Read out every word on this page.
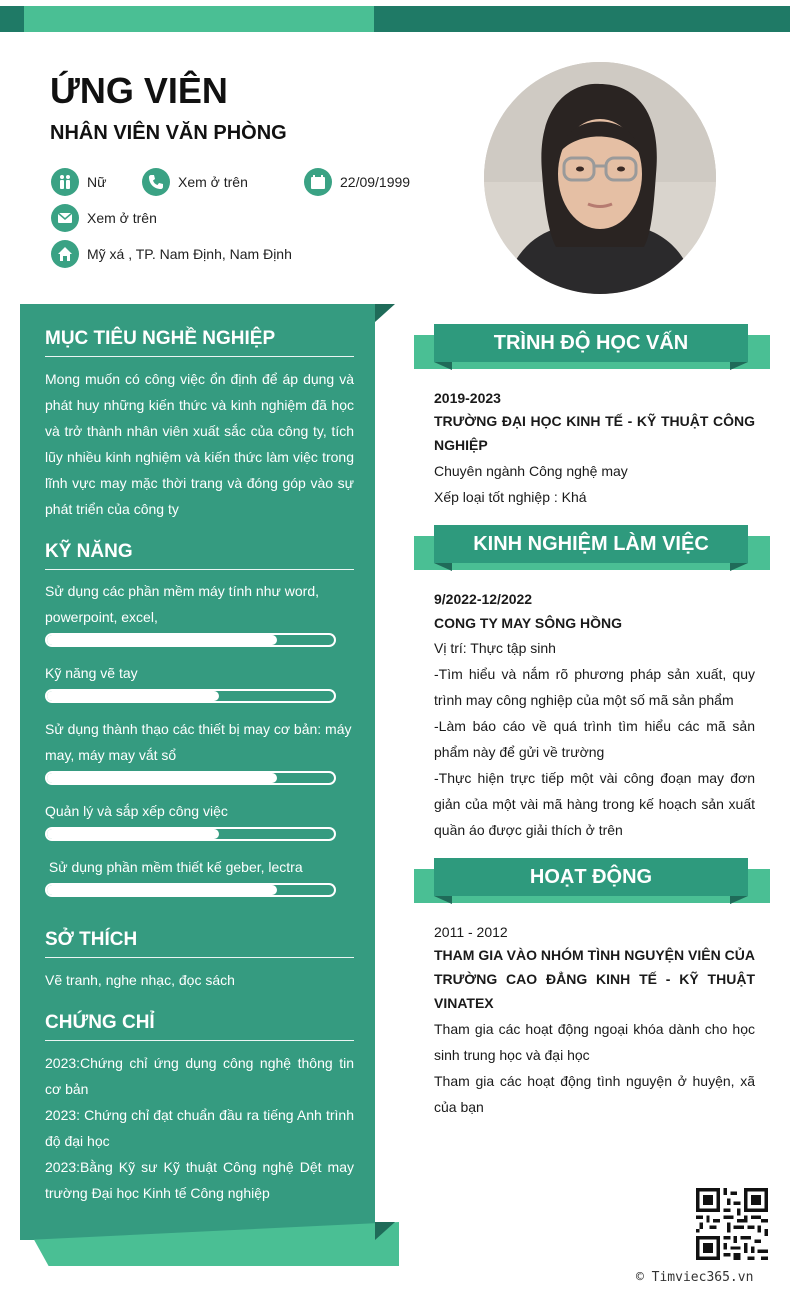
ỨNG VIÊN
NHÂN VIÊN VĂN PHÒNG
Nữ	Xem ở trên	22/09/1999
Xem ở trên
Mỹ xá , TP. Nam Định, Nam Định
MỤC TIÊU NGHỀ NGHIỆP
Mong muốn có công việc ổn định để áp dụng và phát huy những kiến thức và kinh nghiệm đã học và trở thành nhân viên xuất sắc của công ty, tích lũy nhiều kinh nghiệm và kiến thức làm việc trong lĩnh vực may mặc thời trang và đóng góp vào sự phát triển của công ty
KỸ NĂNG
Sử dụng các phần mềm máy tính như word, powerpoint, excel,
Kỹ năng vẽ tay
Sử dụng thành thạo các thiết bị may cơ bản: máy may, máy may vắt sổ
Quản lý và sắp xếp công việc
Sử dụng phần mềm thiết kế geber, lectra
SỞ THÍCH
Vẽ tranh, nghe nhạc, đọc sách
CHỨNG CHỈ
2023:Chứng chỉ ứng dụng công nghệ thông tin cơ bản
2023: Chứng chỉ đạt chuẩn đầu ra tiếng Anh trình độ đại học
2023:Bằng Kỹ sư Kỹ thuật Công nghệ Dệt may trường Đại học Kinh tế Công nghiệp
TRÌNH ĐỘ HỌC VẤN
2019-2023
TRƯỜNG ĐẠI HỌC KINH TẾ - KỸ THUẬT CÔNG NGHIỆP
Chuyên ngành Công nghệ may
Xếp loại tốt nghiệp : Khá
KINH NGHIỆM LÀM VIỆC
9/2022-12/2022
CONG TY MAY SÔNG HỒNG
Vị trí: Thực tập sinh
-Tìm hiểu và nắm rõ phương pháp sản xuất, quy trình may công nghiệp của một số mã sản phẩm
-Làm báo cáo về quá trình tìm hiểu các mã sản phẩm này để gửi về trường
-Thực hiện trực tiếp một vài công đoạn may đơn giản của một vài mã hàng trong kế hoạch sản xuất quần áo được giải thích ở trên
HOẠT ĐỘNG
2011 - 2012
THAM GIA VÀO NHÓM TÌNH NGUYỆN VIÊN CỦA TRƯỜNG CAO ĐẲNG KINH TẾ - KỸ THUẬT VINATEX
Tham gia các hoạt động ngoại khóa dành cho học sinh trung học và đại học
Tham gia các hoạt động tình nguyện ở huyện, xã của bạn
© Timviec365.vn
